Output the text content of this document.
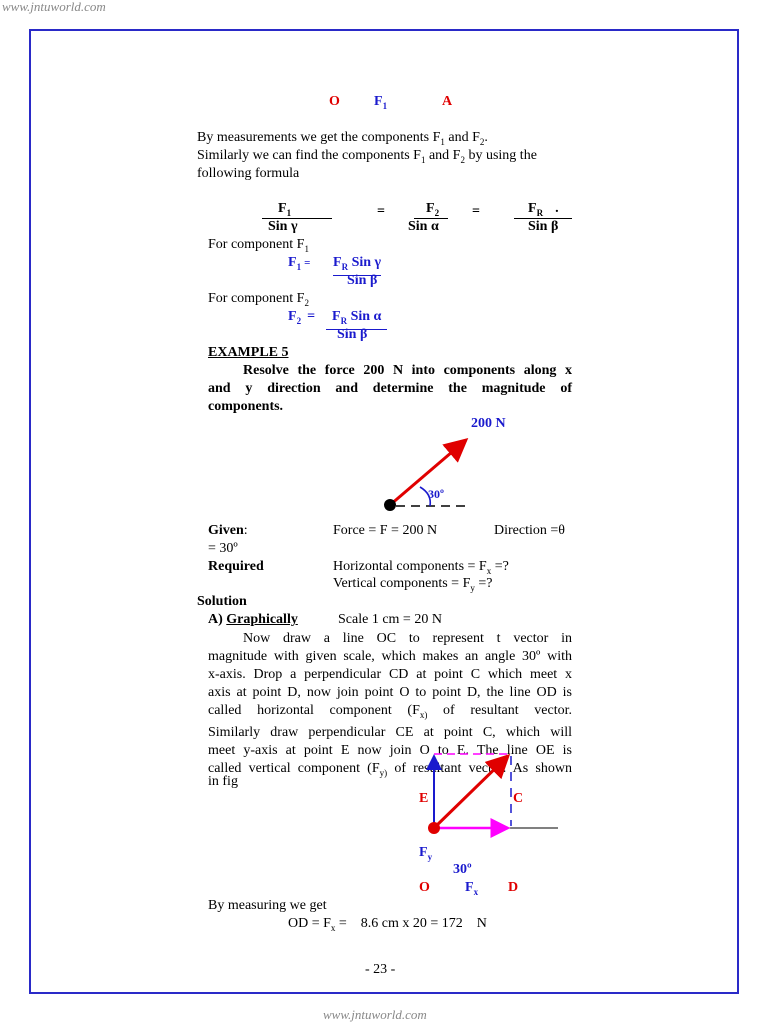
www.jntuworld.com
O $F_1$	A
By measurements we get the components $F_1$ and $F_2$.
Similarly we can find the components $F_1$ and $F_2$ by using the
following formula
$F_1$
Sin γ
=	$F_2$
Sin α
=	$F_R$ .
Sin β
For component $F_1$
$F_1 = F_R$ Sin γ
Sin β
For component $F_2$
$F_2$ =	$F_R$ Sin α
Sin β
EXAMPLE 5
Resolve the force 200 N into components along x
and y direction and determine the magnitude of
components.
200 N
30º
Given:	Force = F = 200 N	Direction =θ
= 30º
Required	Horizontal components = $F_x$ =?
Vertical components = $F_y$ =?
Solution
A) Graphically	Scale 1 cm = 20 N
Now draw a line OC to represent t vector in
magnitude with given scale, which makes an angle 30º with
x-axis. Drop a perpendicular CD at point C which meet x
axis at point D, now join point O to point D, the line OD is
called horizontal component ($F_{x)}$ of resultant vector.
Similarly draw perpendicular CE at point C, which will
meet y-axis at point E now join O to E. The line OE is
called vertical component ($F_{y)}$ of resultant vector. As shown
in fig
E	C
$F_y$
30º
O	$F_x$ D
By measuring we get
OD = $F_x$ =    8.6 cm x 20 = 172    N
- 23 -
www.jntuworld.com
